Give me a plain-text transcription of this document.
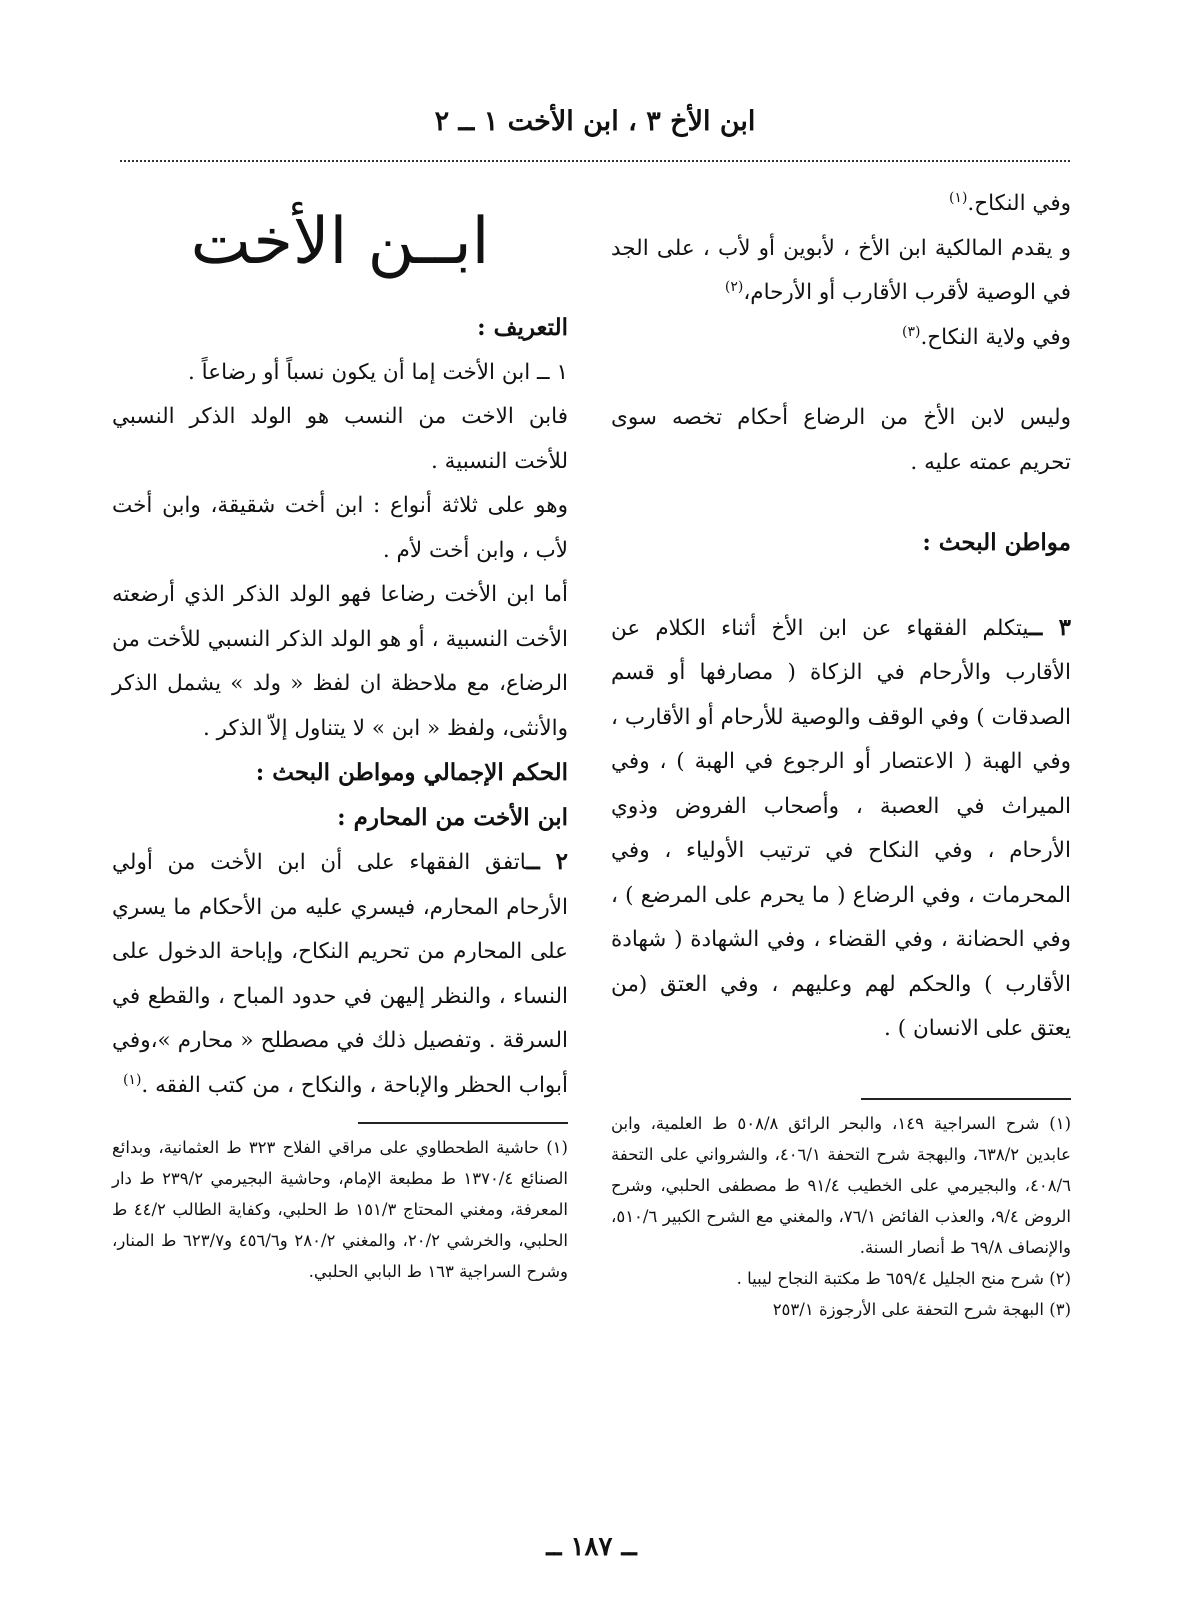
ابن الأخ ٣ ، ابن الأخت ١ ــ ٢

وفي النكاح.$^{(١)}$

و يقدم المالكية ابن الأخ ، لأبوين أو لأب ، على الجد في الوصية لأقرب الأقارب أو الأرحام،$^{(٢)}$

وفي ولاية النكاح.$^{(٣)}$

وليس لابن الأخ من الرضاع أحكام تخصه سوى تحريم عمته عليه .

مواطن البحث :

٣ ــيتكلم الفقهاء عن ابن الأخ أثناء الكلام عن الأقارب والأرحام في الزكاة ( مصارفها أو قسم الصدقات ) وفي الوقف والوصية للأرحام أو الأقارب ، وفي الهبة ( الاعتصار أو الرجوع في الهبة ) ، وفي الميراث في العصبة ، وأصحاب الفروض وذوي الأرحام ، وفي النكاح في ترتيب الأولياء ، وفي المحرمات ، وفي الرضاع ( ما يحرم على المرضع ) ، وفي الحضانة ، وفي القضاء ، وفي الشهادة ( شهادة الأقارب ) والحكم لهم وعليهم ، وفي العتق (من يعتق على الانسان ) .

(١) شرح السراجية ١٤٩، والبحر الرائق ٥٠٨/٨ ط العلمية، وابن عابدين ٦٣٨/٢، والبهجة شرح التحفة ٤٠٦/١، والشرواني على التحفة ٤٠٨/٦، والبجيرمي على الخطيب ٩١/٤ ط مصطفى الحلبي، وشرح الروض ٩/٤، والعذب الفائض ٧٦/١، والمغني مع الشرح الكبير ٥١٠/٦، والإنصاف ٦٩/٨ ط أنصار السنة.

(٢) شرح منح الجليل ٦٥٩/٤ ط مكتبة النجاح ليبيا .

(٣) البهجة شرح التحفة على الأرجوزة ٢٥٣/١

ابــن الأخت

التعريف :

١ ــ ابن الأخت إما أن يكون نسباً أو رضاعاً .

فابن الاخت من النسب هو الولد الذكر النسبي للأخت النسبية .

وهو على ثلاثة أنواع : ابن أخت شقيقة، وابن أخت لأب ، وابن أخت لأم .

أما ابن الأخت رضاعا فهو الولد الذكر الذي أرضعته الأخت النسبية ، أو هو الولد الذكر النسبي للأخت من الرضاع، مع ملاحظة ان لفظ « ولد » يشمل الذكر والأنثى، ولفظ « ابن » لا يتناول إلاّ الذكر .

الحكم الإجمالي ومواطن البحث :

ابن الأخت من المحارم :

٢ ــاتفق الفقهاء على أن ابن الأخت من أولي الأرحام المحارم، فيسري عليه من الأحكام ما يسري على المحارم من تحريم النكاح، وإباحة الدخول على النساء ، والنظر إليهن في حدود المباح ، والقطع في السرقة . وتفصيل ذلك في مصطلح « محارم »،وفي أبواب الحظر والإباحة ، والنكاح ، من كتب الفقه .$^{(١)}$

(١) حاشية الطحطاوي على مراقي الفلاح ٣٢٣ ط العثمانية، وبدائع الصنائع ١٣٧٠/٤ ط مطبعة الإمام، وحاشية البجيرمي ٢٣٩/٢ ط دار المعرفة، ومغني المحتاج ١٥١/٣ ط الحلبي، وكفاية الطالب ٤٤/٢ ط الحلبي، والخرشي ٢٠/٢، والمغني ٢٨٠/٢ و٤٥٦/٦ و٦٢٣/٧ ط المنار، وشرح السراجية ١٦٣ ط البابي الحلبي.

ــ ١٨٧ ــ
